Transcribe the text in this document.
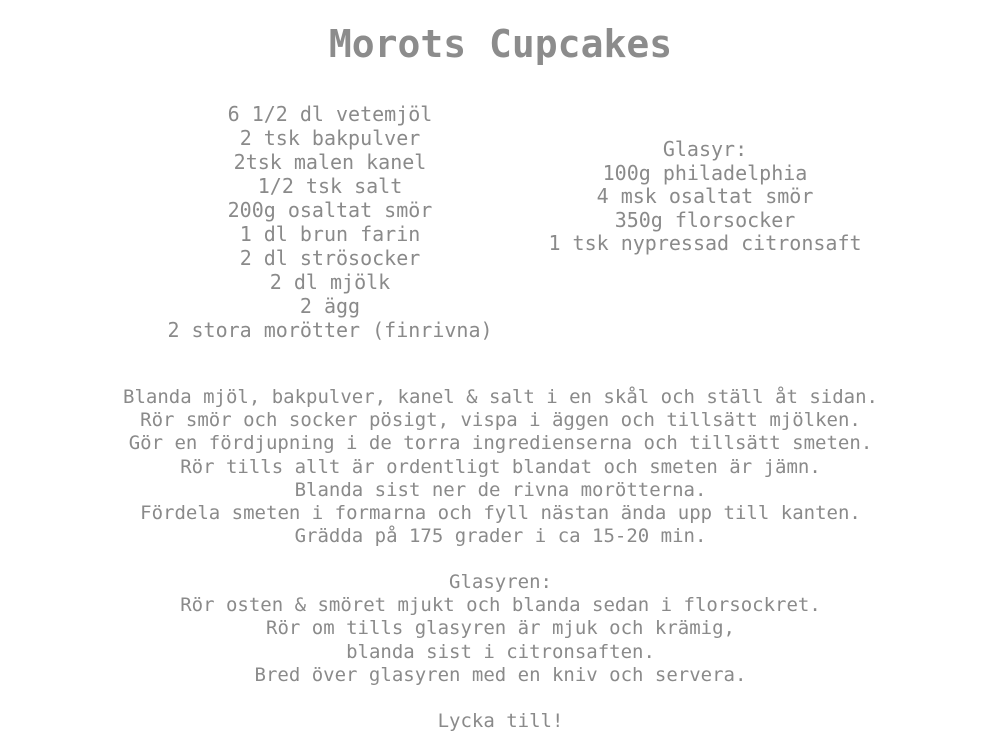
Morots Cupcakes
6 1/2 dl vetemjöl
2 tsk bakpulver
2tsk malen kanel
1/2 tsk salt
200g osaltat smör
1 dl brun farin
2 dl strösocker
2 dl mjölk
2 ägg
2 stora morötter (finrivna)
Glasyr:
100g philadelphia
4 msk osaltat smör
350g florsocker
1 tsk nypressad citronsaft
Blanda mjöl, bakpulver, kanel & salt i en skål och ställ åt sidan.
Rör smör och socker pösigt, vispa i äggen och tillsätt mjölken.
Gör en fördjupning i de torra ingredienserna och tillsätt smeten.
Rör tills allt är ordentligt blandat och smeten är jämn.
Blanda sist ner de rivna morötterna.
Fördela smeten i formarna och fyll nästan ända upp till kanten.
Grädda på 175 grader i ca 15-20 min.
Glasyren:
Rör osten & smöret mjukt och blanda sedan i florsockret.
Rör om tills glasyren är mjuk och krämig,
blanda sist i citronsaften.
Bred över glasyren med en kniv och servera.
Lycka till!
